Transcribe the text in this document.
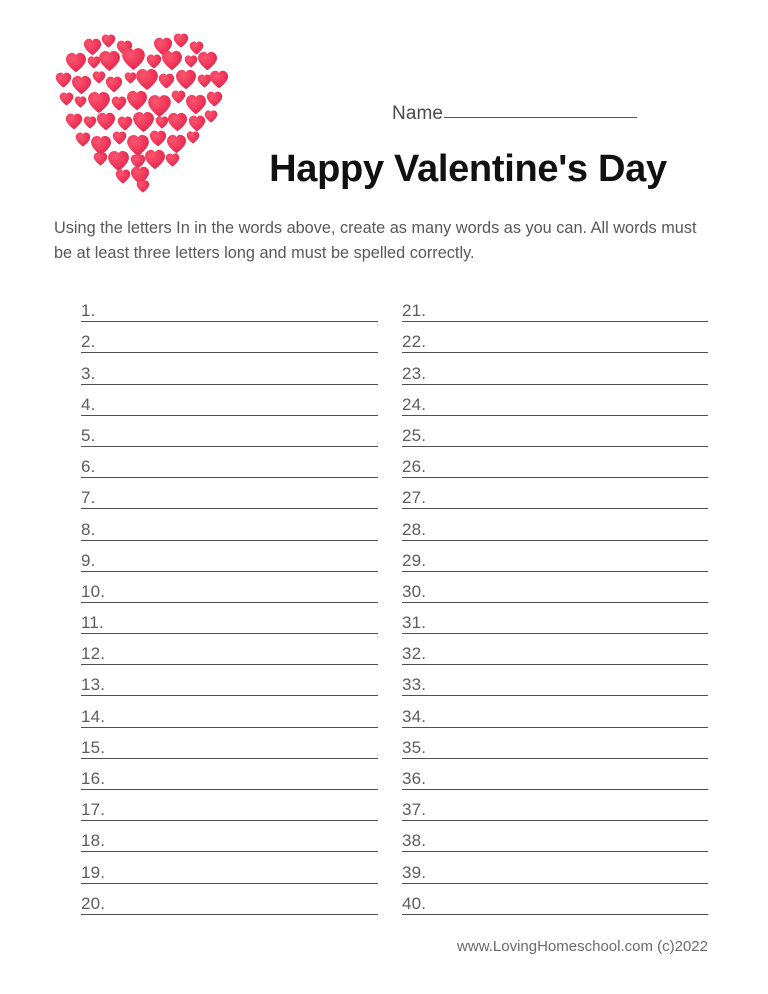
Name
Happy Valentine's Day
Using the letters In in the words above, create as many words as you can. All words must be at least three letters long and must be spelled correctly.
1.
2.
3.
4.
5.
6.
7.
8.
9.
10.
11.
12.
13.
14.
15.
16.
17.
18.
19.
20.
21.
22.
23.
24.
25.
26.
27.
28.
29.
30.
31.
32.
33.
34.
35.
36.
37.
38.
39.
40.
www.LovingHomeschool.com (c)2022
